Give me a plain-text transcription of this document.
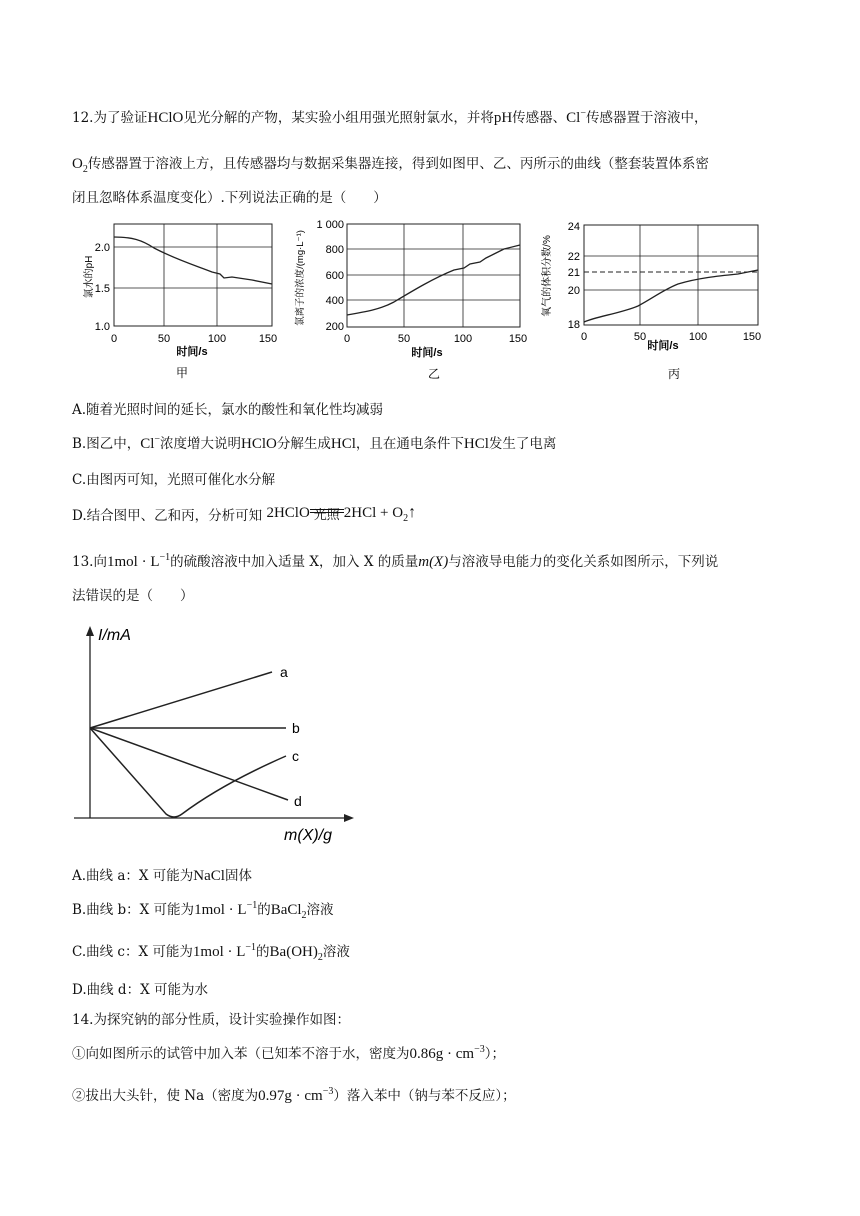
12.为了验证HClO见光分解的产物，某实验小组用强光照射氯水，并将pH传感器、Cl−传感器置于溶液中，
$O_2$传感器置于溶液上方，且传感器均与数据采集器连接，得到如图甲、乙、丙所示的曲线（整套装置体系密
闭且忽略体系温度变化）.下列说法正确的是（　　）
2.0
1.5
1.0
0	50	100	150
时间/s
甲
氯水的pH
1 000
800
600
400
200
0	50	100	150
时间/s
乙
氯离子的浓度/(mg·L⁻¹)
24
22
21
20
18
0	50	100	150
时间/s
丙
氧气的体积分数/%
A.随着光照时间的延长，氯水的酸性和氧化性均减弱
B.图乙中，Cl−浓度增大说明HClO分解生成HCl，且在通电条件下HCl发生了电离
C.由图丙可知，光照可催化水分解
D.结合图甲、乙和丙，分析可知 2HClO 光照 $2HCl + O_2↑$
13.向$1mol \cdot L^{-1}$的硫酸溶液中加入适量 X，加入 X 的质量m(X)与溶液导电能力的变化关系如图所示，下列说
法错误的是（　　）
I/mA
a
b
c
d
m(X)/g
A.曲线 a：X 可能为NaCl固体
B.曲线 b：X 可能为$1mol \cdot L^{-1}$的BaCl$_2$溶液
C.曲线 c：X 可能为$1mol \cdot L^{-1}$的$Ba(OH)_2$溶液
D.曲线 d：X 可能为水
14.为探究钠的部分性质，设计实验操作如图：
①向如图所示的试管中加入苯（已知苯不溶于水，密度为$0.86g \cdot cm^{-3}$）；
②拔出大头针，使 Na（密度为$0.97g \cdot cm^{-3}$）落入苯中（钠与苯不反应）；
